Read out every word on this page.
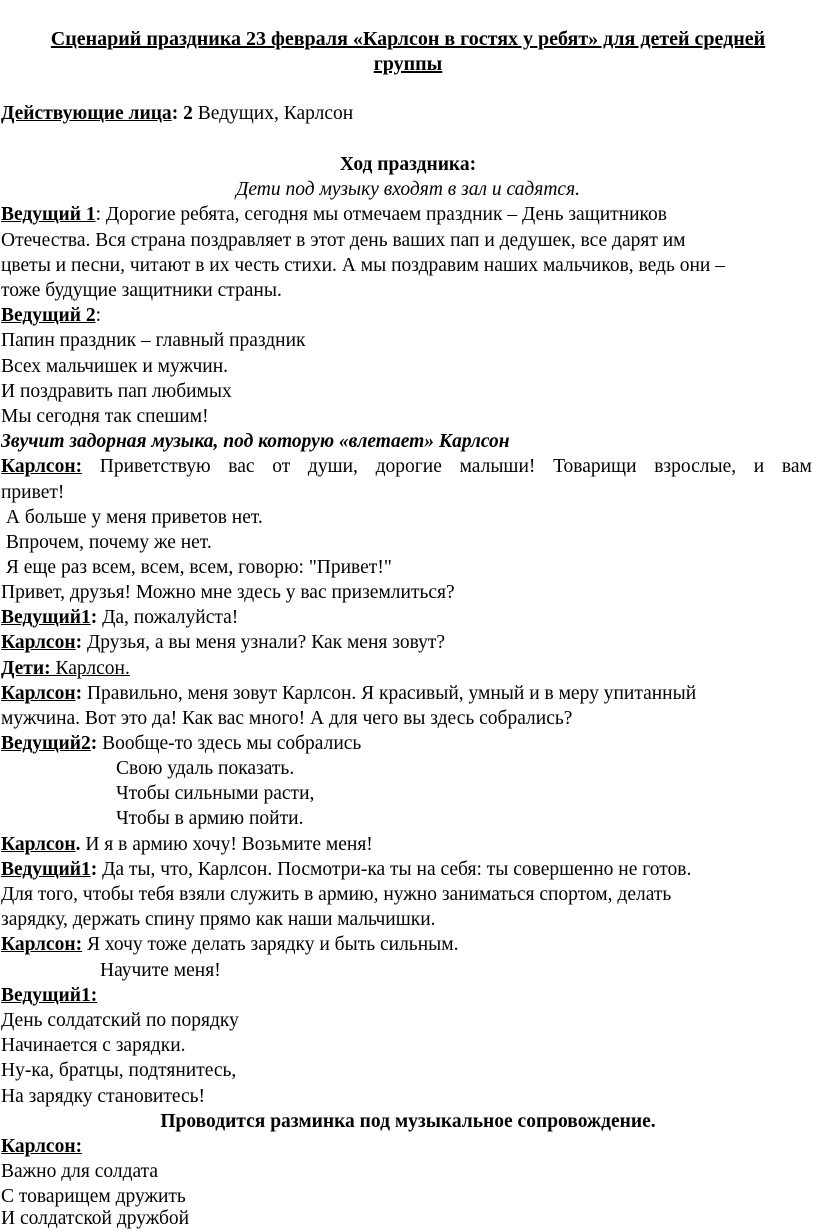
Сценарий праздника 23 февраля «Карлсон в гостях у ребят» для детей средней
группы
Действующие лица: 2 Ведущих, Карлсон
Ход праздника:
Дети под музыку входят в зал и садятся.
Ведущий 1: Дорогие ребята, сегодня мы отмечаем праздник – День защитников
Отечества. Вся страна поздравляет в этот день ваших пап и дедушек, все дарят им
цветы и песни, читают в их честь стихи. А мы поздравим наших мальчиков, ведь они –
тоже будущие защитники страны.
Ведущий 2:
Папин праздник – главный праздник
Всех мальчишек и мужчин.
И поздравить пап любимых
Мы сегодня так спешим!
Звучит задорная музыка, под которую «влетает» Карлсон
Карлсон: Приветствую вас от души, дорогие малыши! Товарищи взрослые, и вам
привет!
А больше у меня приветов нет.
Впрочем, почему же нет.
Я еще раз всем, всем, всем, говорю: "Привет!"
Привет, друзья! Можно мне здесь у вас приземлиться?
Ведущий1: Да, пожалуйста!
Карлсон: Друзья, а вы меня узнали? Как меня зовут?
Дети: Карлсон.
Карлсон: Правильно, меня зовут Карлсон. Я красивый, умный и в меру упитанный
мужчина. Вот это да! Как вас много! А для чего вы здесь собрались?
Ведущий2: Вообще-то здесь мы собрались
Свою удаль показать.
Чтобы сильными расти,
Чтобы в армию пойти.
Карлсон. И я в армию хочу! Возьмите меня!
Ведущий1: Да ты, что, Карлсон. Посмотри-ка ты на себя: ты совершенно не готов.
Для того, чтобы тебя взяли служить в армию, нужно заниматься спортом, делать
зарядку, держать спину прямо как наши мальчишки.
Карлсон: Я хочу тоже делать зарядку и быть сильным.
Научите меня!
Ведущий1:
День солдатский по порядку
Начинается с зарядки.
Ну-ка, братцы, подтянитесь,
На зарядку становитесь!
Проводится разминка под музыкальное сопровождение.
Карлсон:
Важно для солдата
С товарищем дружить
И солдатской дружбой
